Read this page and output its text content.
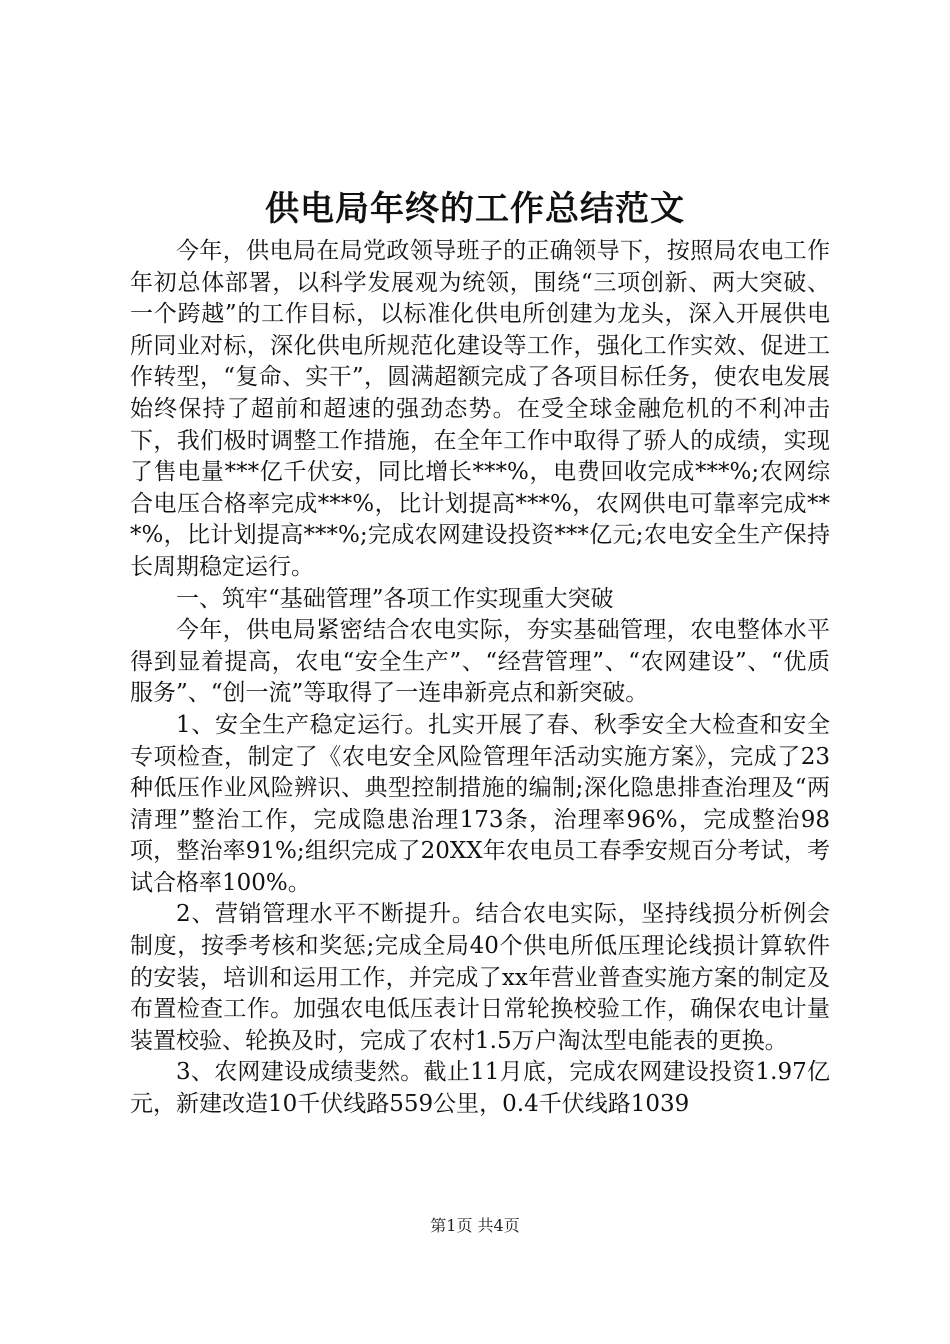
供电局年终的工作总结范文

今年，供电局在局党政领导班子的正确领导下，按照局农电工作年初总体部署，以科学发展观为统领，围绕“三项创新、两大突破、一个跨越”的工作目标，以标准化供电所创建为龙头，深入开展供电所同业对标，深化供电所规范化建设等工作，强化工作实效、促进工作转型，“复命、实干”，圆满超额完成了各项目标任务，使农电发展始终保持了超前和超速的强劲态势。在受全球金融危机的不利冲击下，我们极时调整工作措施，在全年工作中取得了骄人的成绩，实现了售电量***亿千伏安，同比增长***%，电费回收完成***%;农网综合电压合格率完成***%，比计划提高***%，农网供电可靠率完成***%，比计划提高***%;完成农网建设投资***亿元;农电安全生产保持长周期稳定运行。

一、筑牢“基础管理”各项工作实现重大突破

今年，供电局紧密结合农电实际，夯实基础管理，农电整体水平得到显着提高，农电“安全生产”、“经营管理”、“农网建设”、“优质服务”、“创一流”等取得了一连串新亮点和新突破。

1、安全生产稳定运行。扎实开展了春、秋季安全大检查和安全专项检查，制定了《农电安全风险管理年活动实施方案》，完成了23种低压作业风险辨识、典型控制措施的编制;深化隐患排查治理及“两清理”整治工作，完成隐患治理173条，治理率96%，完成整治98项，整治率91%;组织完成了20XX年农电员工春季安规百分考试，考试合格率100%。

2、营销管理水平不断提升。结合农电实际，坚持线损分析例会制度，按季考核和奖惩;完成全局40个供电所低压理论线损计算软件的安装，培训和运用工作，并完成了xx年营业普查实施方案的制定及布置检查工作。加强农电低压表计日常轮换校验工作，确保农电计量装置校验、轮换及时，完成了农村1.5万户淘汰型电能表的更换。

3、农网建设成绩斐然。截止11月底，完成农网建设投资1.97亿元，新建改造10千伏线路559公里，0.4千伏线路1039

第1页 共4页
